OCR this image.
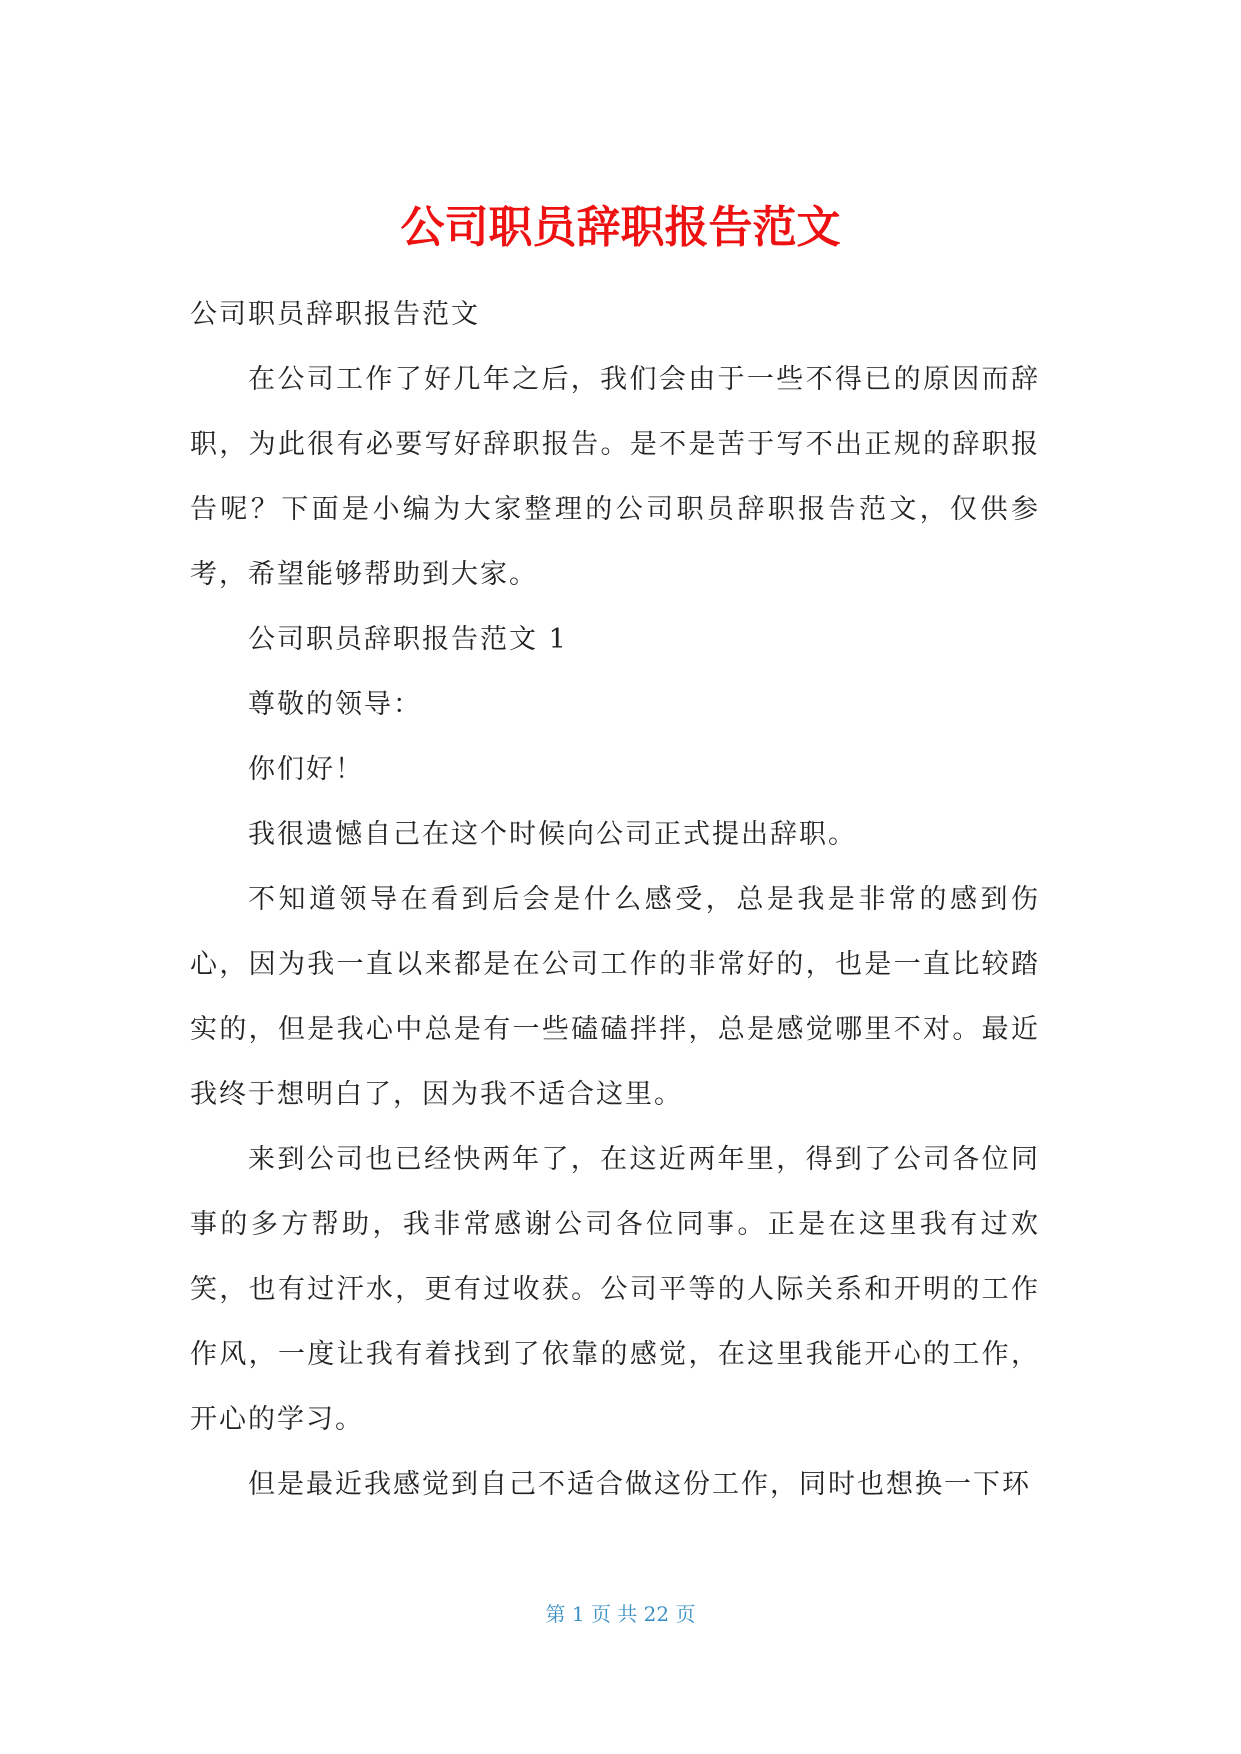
公司职员辞职报告范文

公司职员辞职报告范文

在公司工作了好几年之后，我们会由于一些不得已的原因而辞职，为此很有必要写好辞职报告。是不是苦于写不出正规的辞职报告呢？下面是小编为大家整理的公司职员辞职报告范文，仅供参考，希望能够帮助到大家。

公司职员辞职报告范文 1

尊敬的领导：

你们好！

我很遗憾自己在这个时候向公司正式提出辞职。

不知道领导在看到后会是什么感受，总是我是非常的感到伤心，因为我一直以来都是在公司工作的非常好的，也是一直比较踏实的，但是我心中总是有一些磕磕拌拌，总是感觉哪里不对。最近我终于想明白了，因为我不适合这里。

来到公司也已经快两年了，在这近两年里，得到了公司各位同事的多方帮助，我非常感谢公司各位同事。正是在这里我有过欢笑，也有过汗水，更有过收获。公司平等的人际关系和开明的工作作风，一度让我有着找到了依靠的感觉，在这里我能开心的工作，开心的学习。

但是最近我感觉到自己不适合做这份工作，同时也想换一下环

第 1 页 共 22 页
